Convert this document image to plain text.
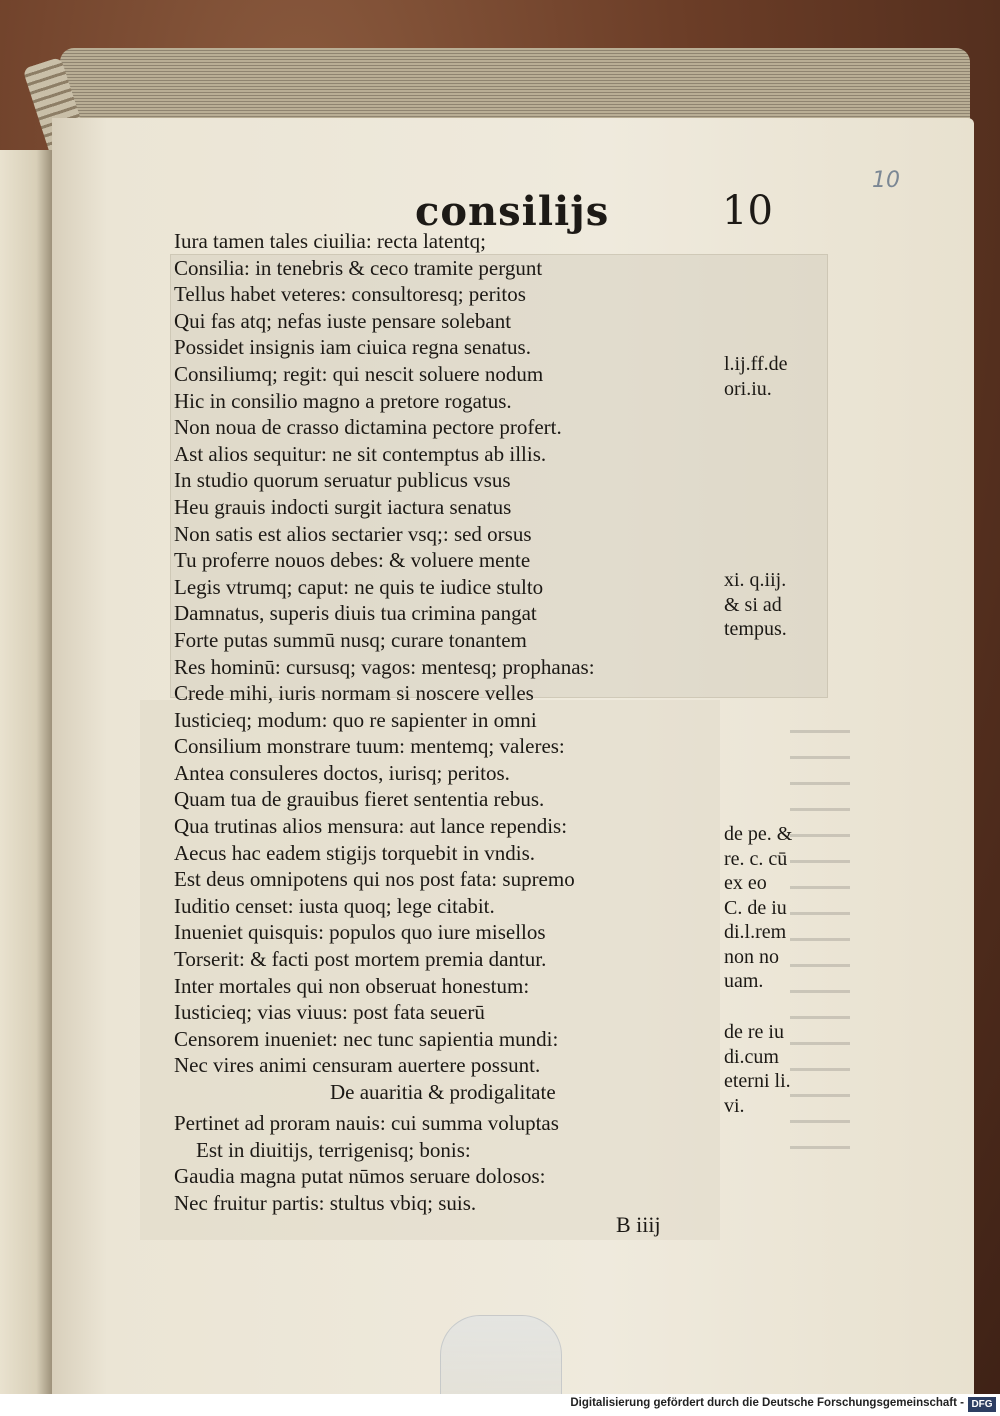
consilijs	10
10
Iura tamen tales ciuilia: recta latentq;
Consilia: in tenebris & ceco tramite pergunt
Tellus habet veteres: consultoresq; peritos
Qui fas atq; nefas iuste pensare solebant
Possidet insignis iam ciuica regna senatus.
Consiliumq; regit: qui nescit soluere nodum
Hic in consilio magno a pretore rogatus.
Non noua de crasso dictamina pectore profert.
Ast alios sequitur: ne sit contemptus ab illis.
In studio quorum seruatur publicus vsus
Heu grauis indocti surgit iactura senatus
Non satis est alios sectarier vsq;: sed orsus
Tu proferre nouos debes: & voluere mente
Legis vtrumq; caput: ne quis te iudice stulto
Damnatus, superis diuis tua crimina pangat
Forte putas summū nusq; curare tonantem
Res hominū: cursusq; vagos: mentesq; prophanas:
Crede mihi, iuris normam si noscere velles
Iusticieq; modum: quo re sapienter in omni
Consilium monstrare tuum: mentemq; valeres:
Antea consuleres doctos, iurisq; peritos.
Quam tua de grauibus fieret sententia rebus.
Qua trutinas alios mensura: aut lance rependis:
Aecus hac eadem stigijs torquebit in vndis.
Est deus omnipotens qui nos post fata: supremo
Iuditio censet: iusta quoq; lege citabit.
Inueniet quisquis: populos quo iure misellos
Torserit: & facti post mortem premia dantur.
Inter mortales qui non obseruat honestum:
Iusticieq; vias viuus: post fata seuerū
Censorem inueniet: nec tunc sapientia mundi:
Nec vires animi censuram auertere possunt.
De auaritia & prodigalitate
Pertinet ad proram nauis: cui summa voluptas
Est in diuitijs, terrigenisq; bonis:
Gaudia magna putat nūmos seruare dolosos:
Nec fruitur partis: stultus vbiq; suis.
l.ij.ff.de
ori.iu.
xi. q.iij.
& si ad
tempus.
de pe. &
re. c. cū
ex eo
C. de iu
di.l.rem
non no
uam.
de re iu
di.cum
eterni li.
vi.
B iiij
Digitalisierung gefördert durch die Deutsche Forschungsgemeinschaft - DFG
